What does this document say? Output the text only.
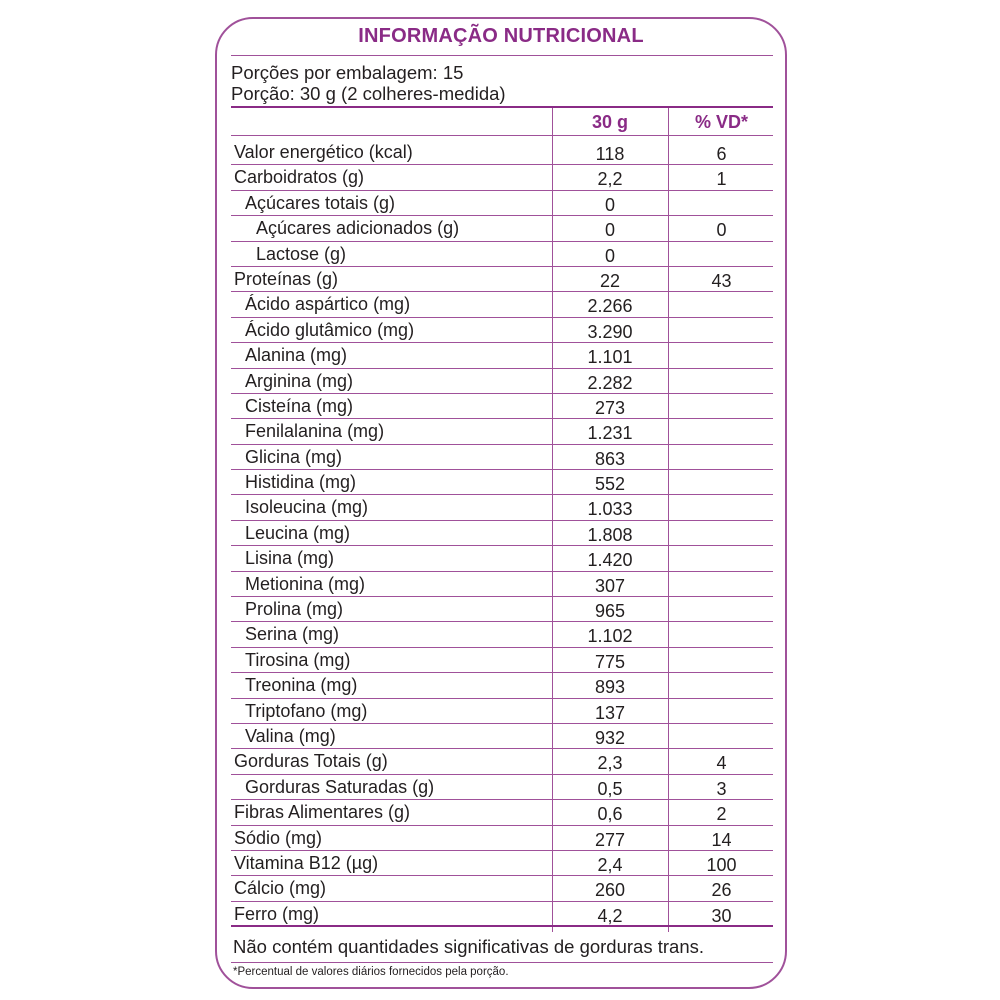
INFORMAÇÃO NUTRICIONAL
Porções por embalagem: 15
Porção: 30 g (2 colheres-medida)
30 g	% VD*
Valor energético (kcal)	118	6
Carboidratos (g)	2,2	1
Açúcares totais (g)	0
Açúcares adicionados (g)	0	0
Lactose (g)	0
Proteínas (g)	22	43
Ácido aspártico (mg)	2.266
Ácido glutâmico (mg)	3.290
Alanina (mg)	1.101
Arginina (mg)	2.282
Cisteína (mg)	273
Fenilalanina (mg)	1.231
Glicina (mg)	863
Histidina (mg)	552
Isoleucina (mg)	1.033
Leucina (mg)	1.808
Lisina (mg)	1.420
Metionina (mg)	307
Prolina (mg)	965
Serina (mg)	1.102
Tirosina (mg)	775
Treonina (mg)	893
Triptofano (mg)	137
Valina (mg)	932
Gorduras Totais (g)	2,3	4
Gorduras Saturadas (g)	0,5	3
Fibras Alimentares (g)	0,6	2
Sódio (mg)	277	14
Vitamina B12 (µg)	2,4	100
Cálcio (mg)	260	26
Ferro (mg)	4,2	30
Não contém quantidades significativas de gorduras trans.
*Percentual de valores diários fornecidos pela porção.
